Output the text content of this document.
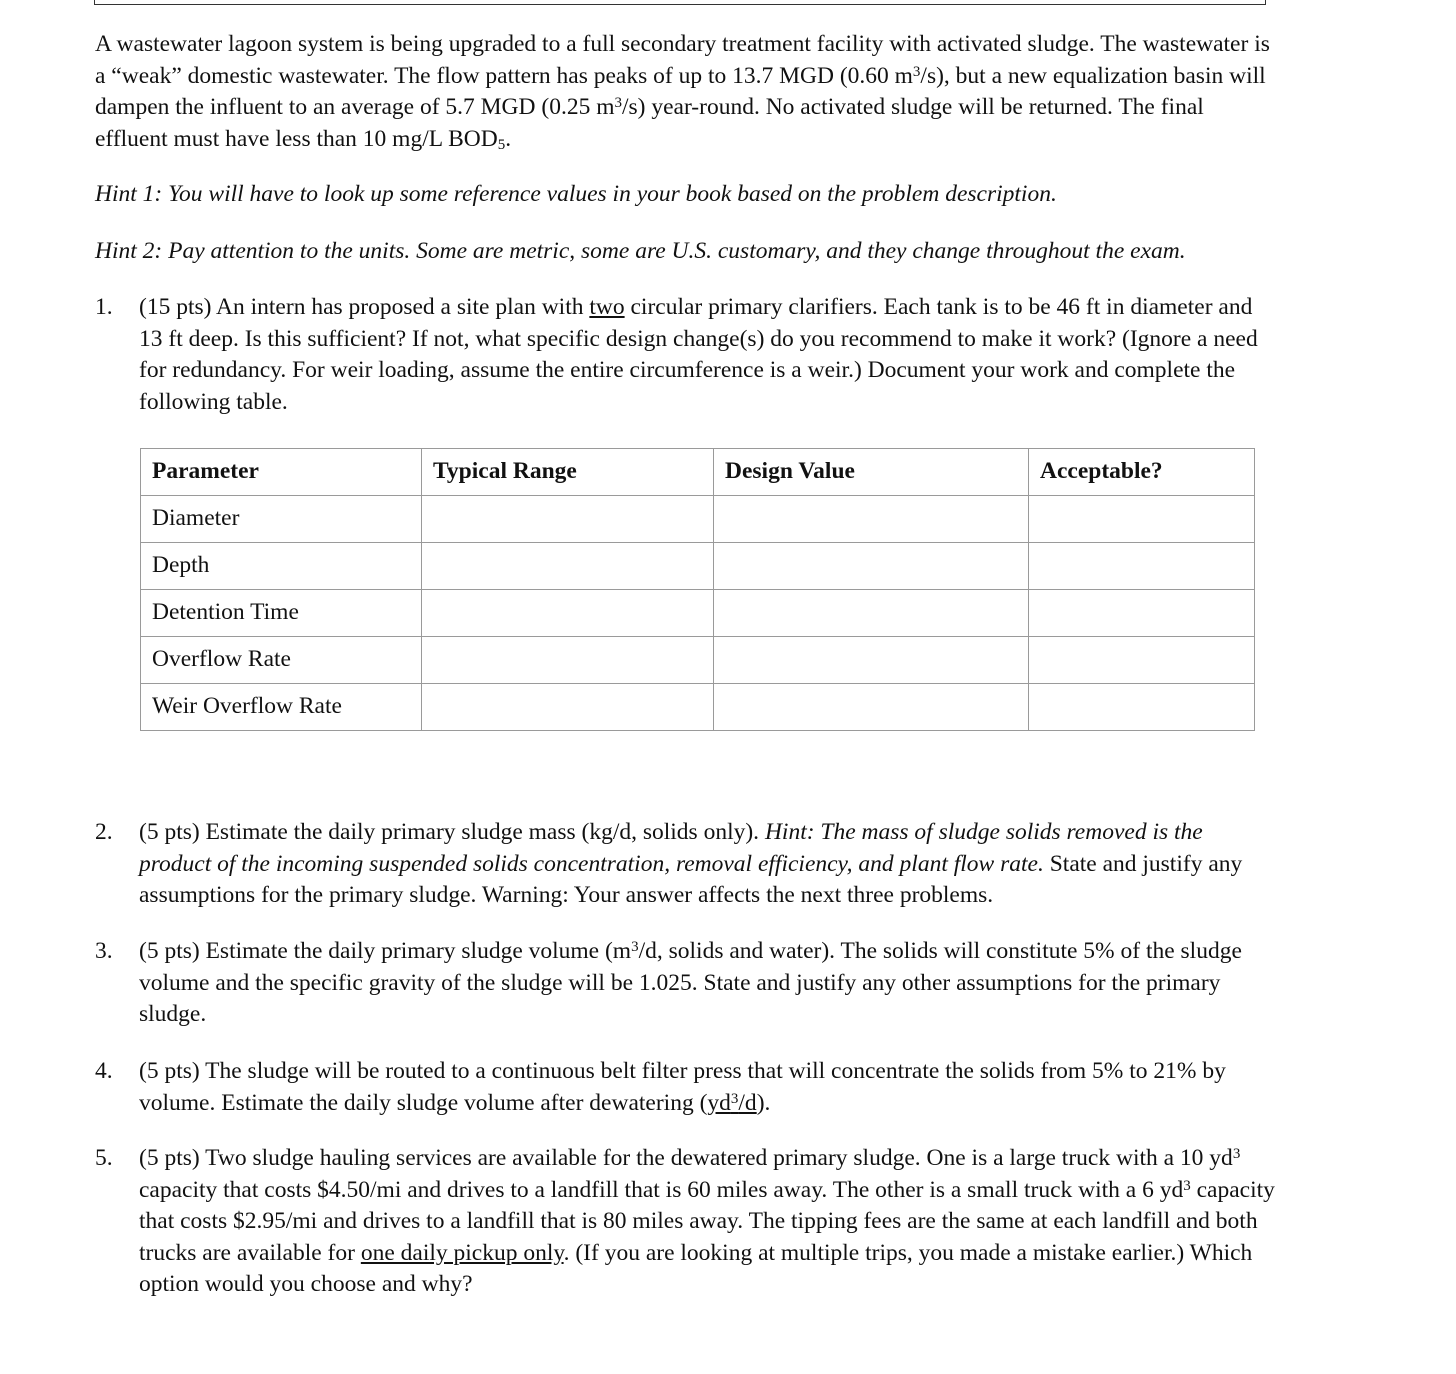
A wastewater lagoon system is being upgraded to a full secondary treatment facility with activated sludge. The wastewater is a “weak” domestic wastewater. The flow pattern has peaks of up to 13.7 MGD (0.60 $m^3/s$), but a new equalization basin will dampen the influent to an average of 5.7 MGD (0.25 $m^3/s$) year-round. No activated sludge will be returned. The final effluent must have less than 10 mg/L $BOD_5$.

Hint 1: You will have to look up some reference values in your book based on the problem description.

Hint 2: Pay attention to the units. Some are metric, some are U.S. customary, and they change throughout the exam.

1.	(15 pts) An intern has proposed a site plan with two circular primary clarifiers. Each tank is to be 46 ft in diameter and 13 ft deep. Is this sufficient? If not, what specific design change(s) do you recommend to make it work? (Ignore a need for redundancy. For weir loading, assume the entire circumference is a weir.) Document your work and complete the following table.
Parameter	Typical Range	Design Value	Acceptable?
Diameter			
Depth			
Detention Time			
Overflow Rate			
Weir Overflow Rate			
2.	(5 pts) Estimate the daily primary sludge mass (kg/d, solids only). Hint: The mass of sludge solids removed is the product of the incoming suspended solids concentration, removal efficiency, and plant flow rate. State and justify any assumptions for the primary sludge. Warning: Your answer affects the next three problems.
3.	(5 pts) Estimate the daily primary sludge volume ($m^3/d$, solids and water). The solids will constitute 5% of the sludge volume and the specific gravity of the sludge will be 1.025. State and justify any other assumptions for the primary sludge.
4.	(5 pts) The sludge will be routed to a continuous belt filter press that will concentrate the solids from 5% to 21% by volume. Estimate the daily sludge volume after dewatering $(yd^3/d)$.
5.	(5 pts) Two sludge hauling services are available for the dewatered primary sludge. One is a large truck with a 10 $yd^3$ capacity that costs $4.50/mi and drives to a landfill that is 60 miles away. The other is a small truck with a 6 $yd^3$ capacity that costs $2.95/mi and drives to a landfill that is 80 miles away. The tipping fees are the same at each landfill and both trucks are available for one daily pickup only. (If you are looking at multiple trips, you made a mistake earlier.) Which option would you choose and why?
